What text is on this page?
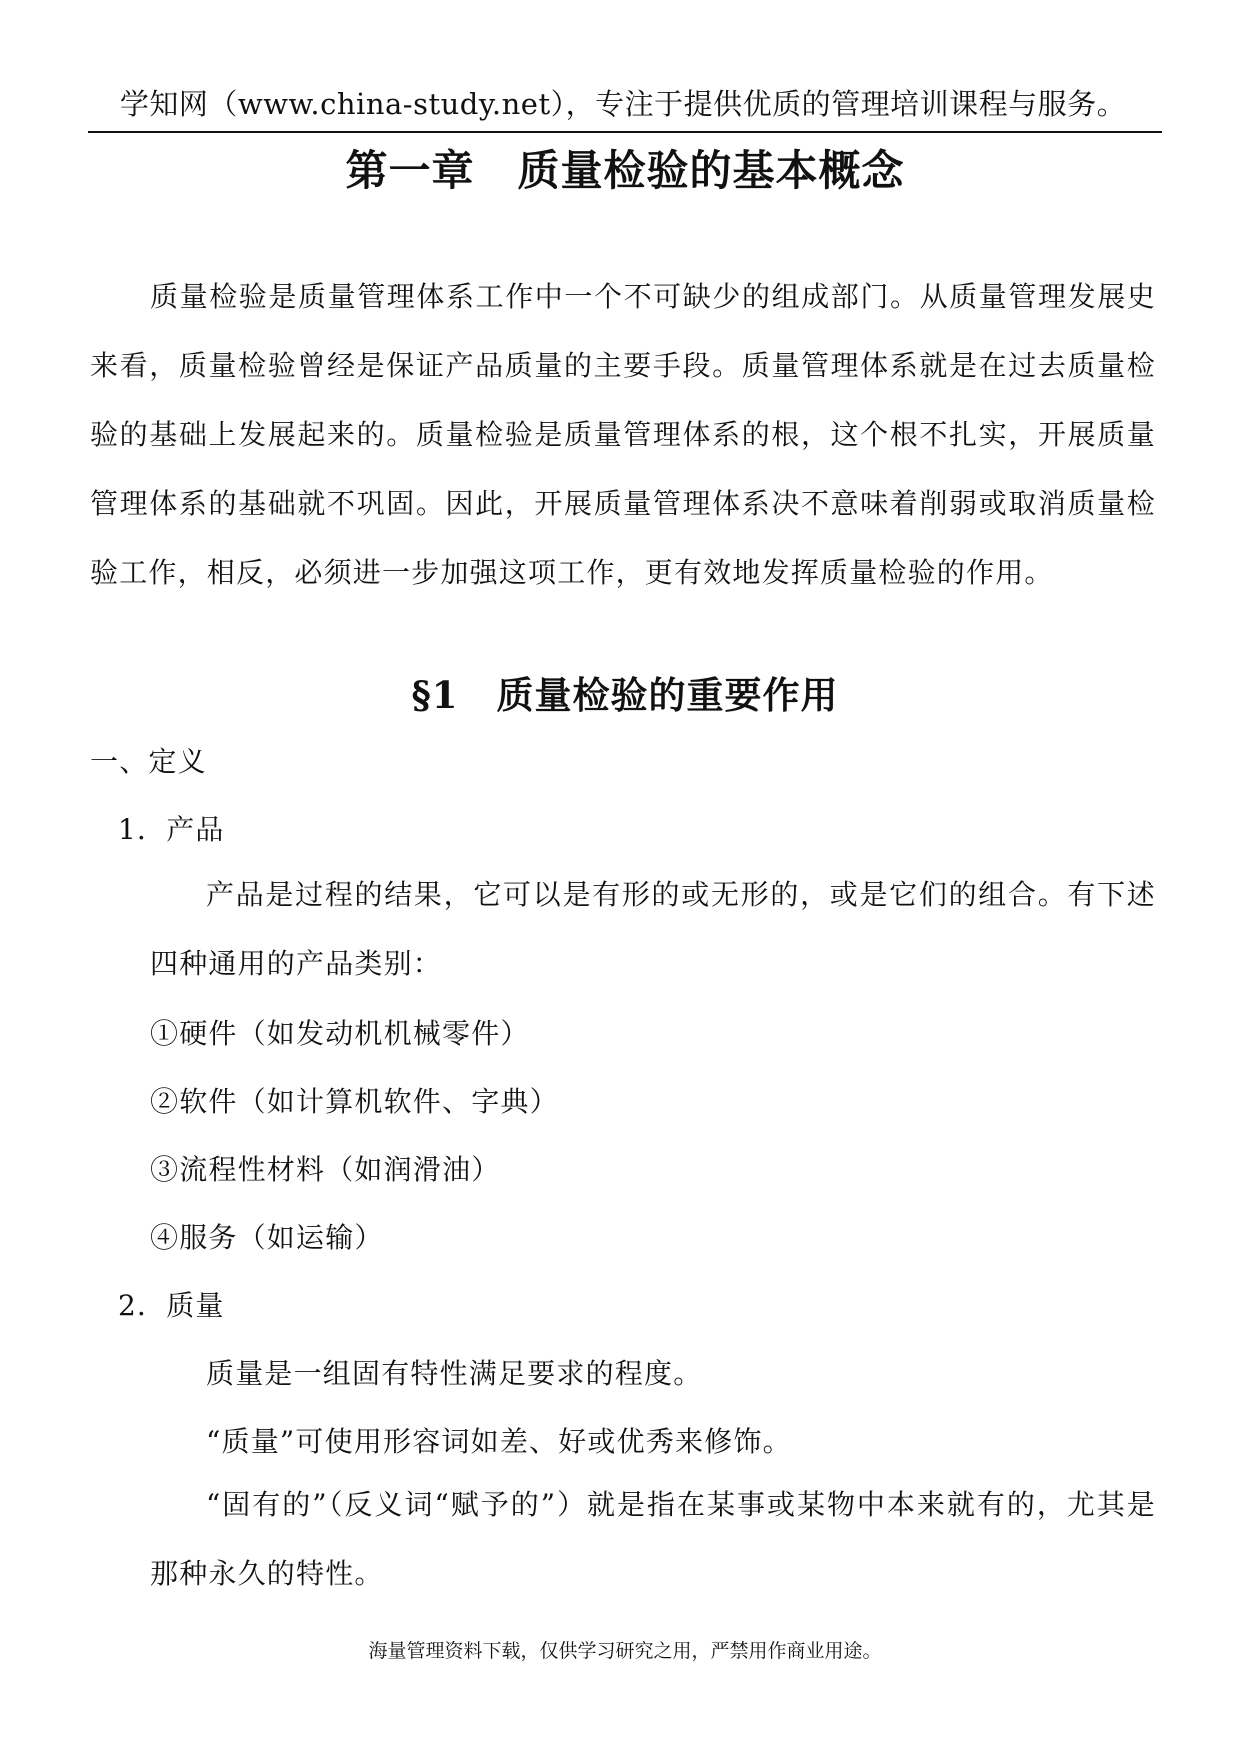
学知网（www.china-study.net），专注于提供优质的管理培训课程与服务。
第一章　质量检验的基本概念

质量检验是质量管理体系工作中一个不可缺少的组成部门。从质量管理发展史来看，质量检验曾经是保证产品质量的主要手段。质量管理体系就是在过去质量检验的基础上发展起来的。质量检验是质量管理体系的根，这个根不扎实，开展质量管理体系的基础就不巩固。因此，开展质量管理体系决不意味着削弱或取消质量检验工作，相反，必须进一步加强这项工作，更有效地发挥质量检验的作用。

§1　质量检验的重要作用

一、定义

1．产品

产品是过程的结果，它可以是有形的或无形的，或是它们的组合。有下述四种通用的产品类别：

①硬件（如发动机机械零件）

②软件（如计算机软件、字典）

③流程性材料（如润滑油）

④服务（如运输）

2．质量

质量是一组固有特性满足要求的程度。

“质量”可使用形容词如差、好或优秀来修饰。

“固有的”（反义词“赋予的”）就是指在某事或某物中本来就有的，尤其是那种永久的特性。

海量管理资料下载，仅供学习研究之用，严禁用作商业用途。
